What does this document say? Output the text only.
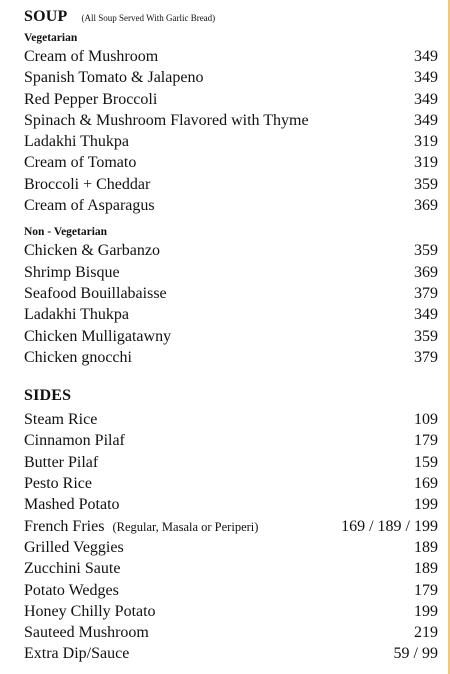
SOUP (All Soup Served With Garlic Bread)
Vegetarian
Cream of Mushroom	349
Spanish Tomato & Jalapeno	349
Red Pepper Broccoli	349
Spinach & Mushroom Flavored with Thyme	349
Ladakhi Thukpa	319
Cream of Tomato	319
Broccoli + Cheddar	359
Cream of Asparagus	369
Non - Vegetarian
Chicken & Garbanzo	359
Shrimp Bisque	369
Seafood Bouillabaisse	379
Ladakhi Thukpa	349
Chicken Mulligatawny	359
Chicken gnocchi	379
SIDES
Steam Rice	109
Cinnamon Pilaf	179
Butter Pilaf	159
Pesto Rice	169
Mashed Potato	199
French Fries (Regular, Masala or Periperi)	169 / 189 / 199
Grilled Veggies	189
Zucchini Saute	189
Potato Wedges	179
Honey Chilly Potato	199
Sauteed Mushroom	219
Extra Dip/Sauce	59 / 99
